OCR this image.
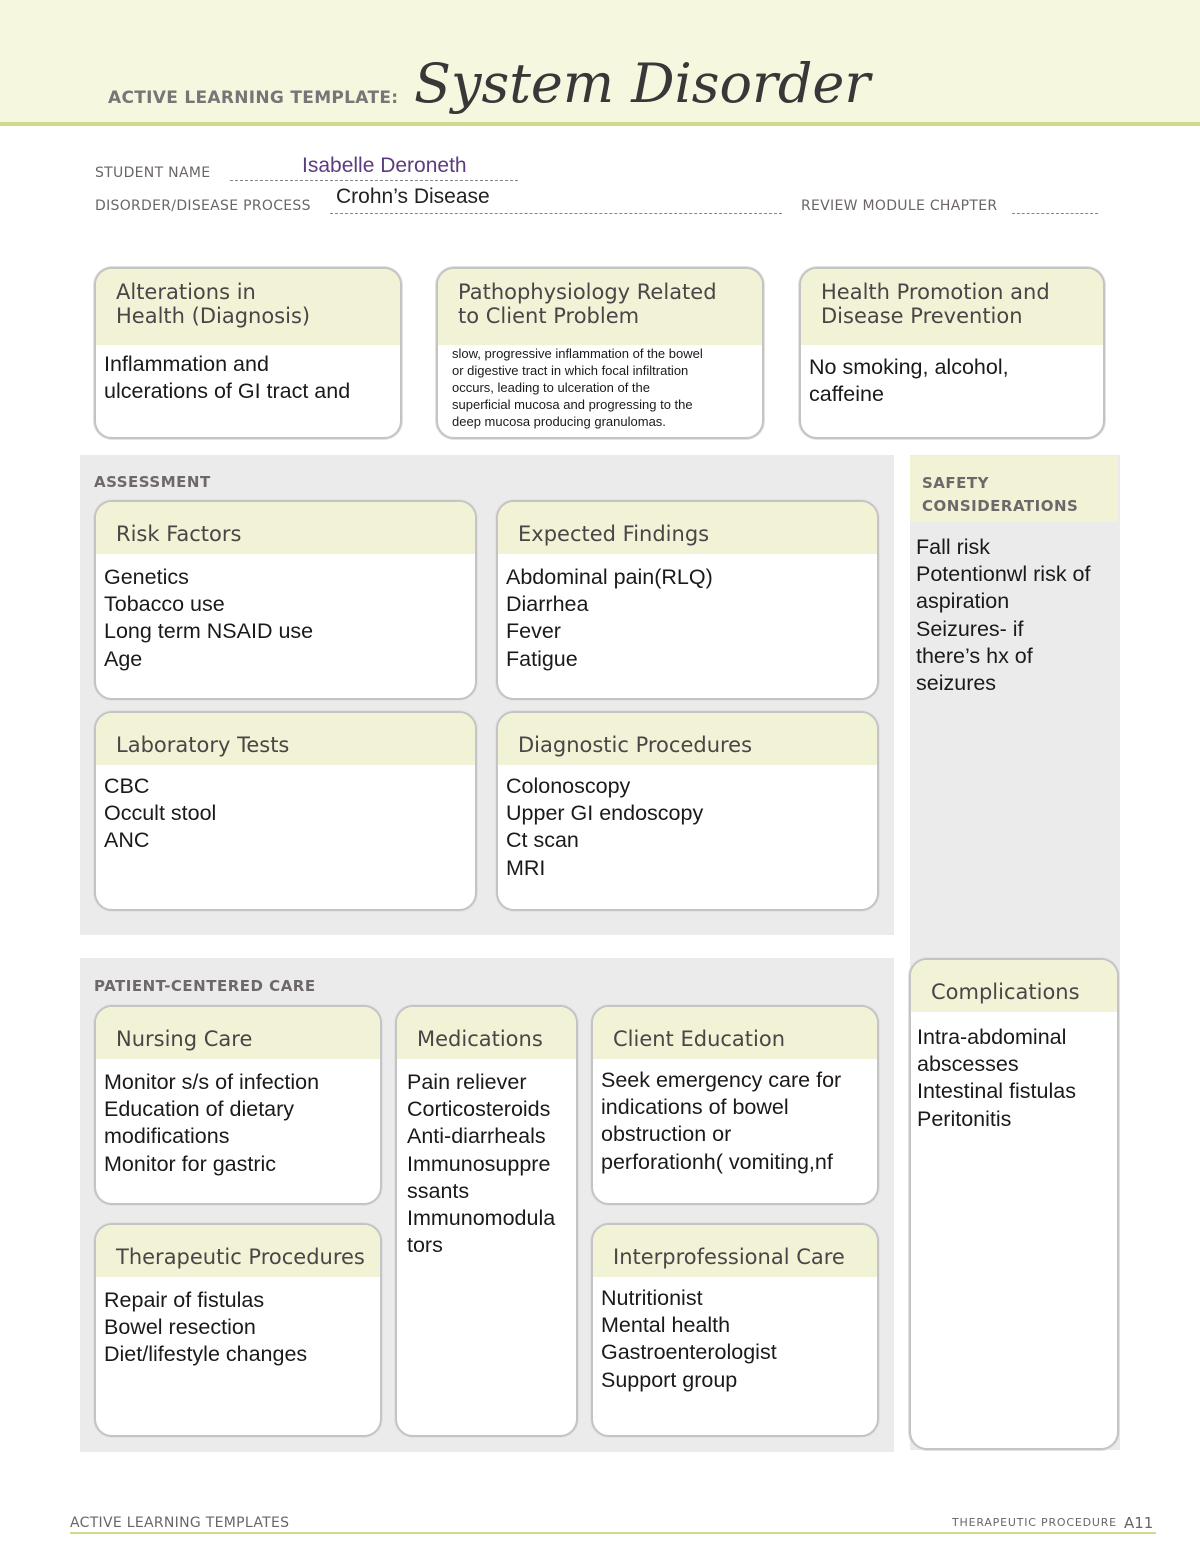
ACTIVE LEARNING TEMPLATE: System Disorder
STUDENT NAME	Isabelle Deroneth
DISORDER/DISEASE PROCESS Crohn’s Disease	REVIEW MODULE CHAPTER
Alterations in
Health (Diagnosis)
Inflammation and
ulcerations of GI tract and
Pathophysiology Related
to Client Problem
slow, progressive inflammation of the bowel
or digestive tract in which focal infiltration
occurs, leading to ulceration of the
superficial mucosa and progressing to the
deep mucosa producing granulomas.
Health Promotion and
Disease Prevention
No smoking, alcohol,
caffeine
ASSESSMENT
Risk Factors
Genetics
Tobacco use
Long term NSAID use
Age
Expected Findings
Abdominal pain(RLQ)
Diarrhea
Fever
Fatigue
Laboratory Tests
CBC
Occult stool
ANC
Diagnostic Procedures
Colonoscopy
Upper GI endoscopy
Ct scan
MRI
SAFETY
CONSIDERATIONS
Fall risk
Potentionwl risk of
aspiration
Seizures- if
there’s hx of
seizures
PATIENT-CENTERED CARE
Nursing Care
Monitor s/s of infection
Education of dietary
modifications
Monitor for gastric
Medications
Pain reliever
Corticosteroids
Anti-diarrheals
Immunosuppre
ssants
Immunomodula
tors
Client Education
Seek emergency care for
indications of bowel
obstruction or
perforationh( vomiting,nf
Therapeutic Procedures
Repair of fistulas
Bowel resection
Diet/lifestyle changes
Interprofessional Care
Nutritionist
Mental health
Gastroenterologist
Support group
Complications
Intra-abdominal
abscesses
Intestinal fistulas
Peritonitis
ACTIVE LEARNING TEMPLATES	THERAPEUTIC PROCEDURE A11
